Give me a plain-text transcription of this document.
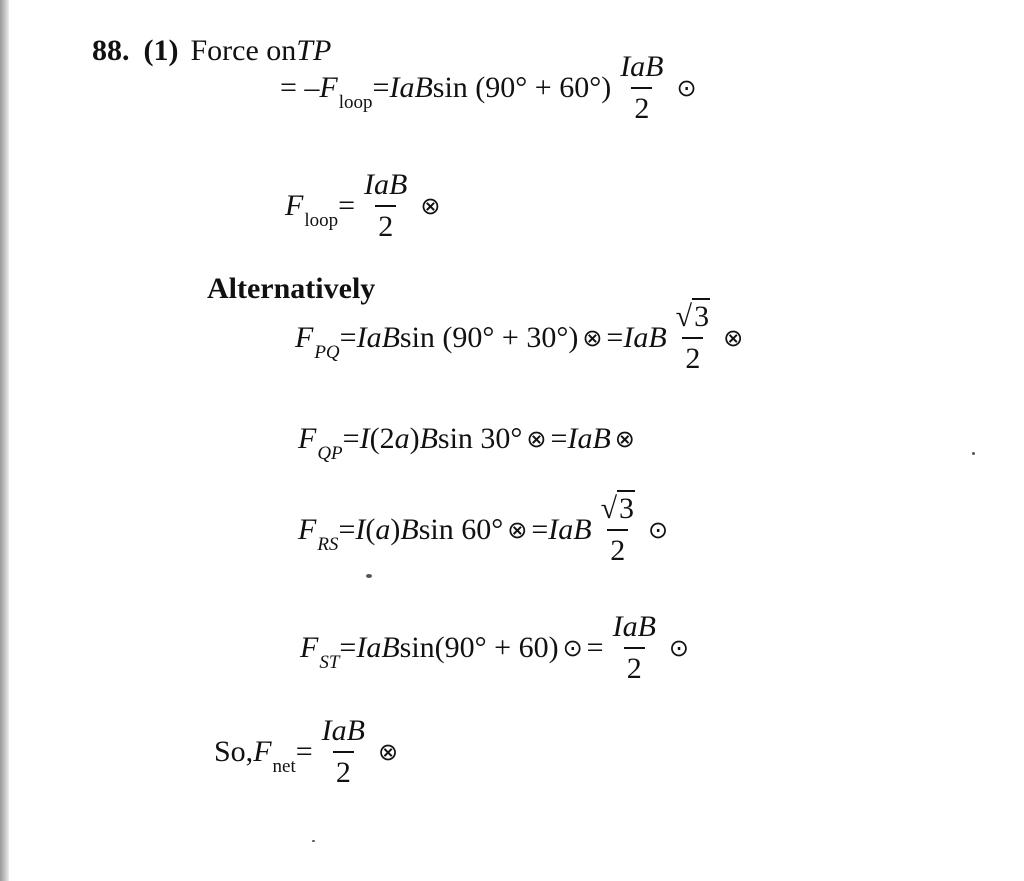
88. (1) Force on TP
= – F loop = I a B $\sin (90^\circ + 60^\circ) \frac{\text{IaB}}{2}$ ⊙
F loop = $\frac{\text{IaB}}{2}$ ⊗
Alternatively
F PQ = IaB sin (90° + 30°) ⊗ = IaB $\frac{√3}{2}$ ⊗
F QP = I (2 a ) B sin 30° ⊗ = IaB ⊗
F RS = I ( a ) B sin 60° ⊗ = IaB $\frac{√3}{2}$ ⊙
F ST = IaB sin(90° + 60) ⊙ = $\frac{\text{IaB}}{2}$ ⊙
So, F net = $\frac{\text{IaB}}{2}$ ⊗
